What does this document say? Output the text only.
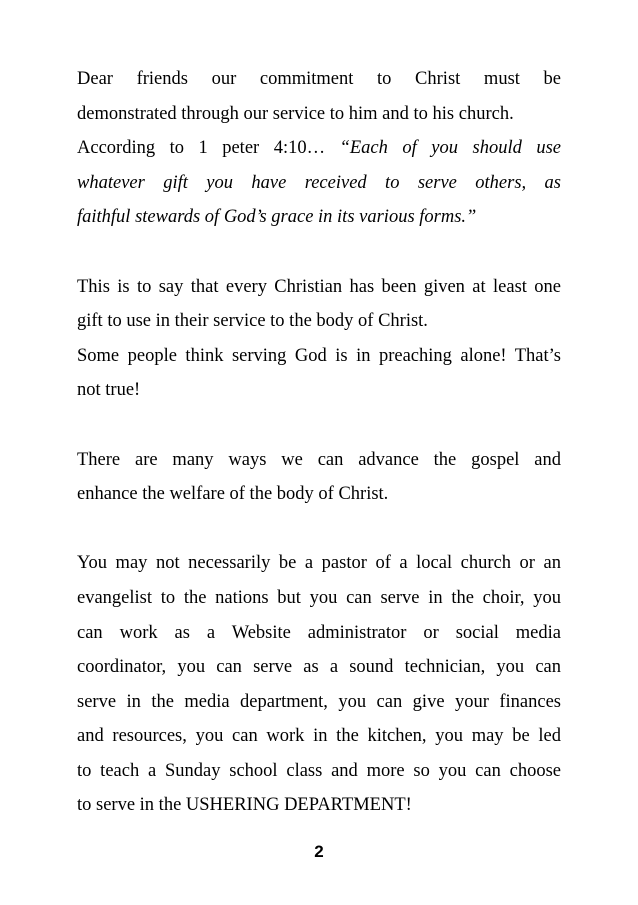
Dear friends our commitment to Christ must be
demonstrated through our service to him and to his church.
According to 1 peter 4:10… “Each of you should use
whatever gift you have received to serve others, as
faithful stewards of God’s grace in its various forms.”
This is to say that every Christian has been given at least one
gift to use in their service to the body of Christ.
Some people think serving God is in preaching alone! That’s
not true!
There are many ways we can advance the gospel and
enhance the welfare of the body of Christ.
You may not necessarily be a pastor of a local church or an
evangelist to the nations but you can serve in the choir, you
can work as a Website administrator or social media
coordinator, you can serve as a sound technician, you can
serve in the media department, you can give your finances
and resources, you can work in the kitchen, you may be led
to teach a Sunday school class and more so you can choose
to serve in the USHERING DEPARTMENT!
2
